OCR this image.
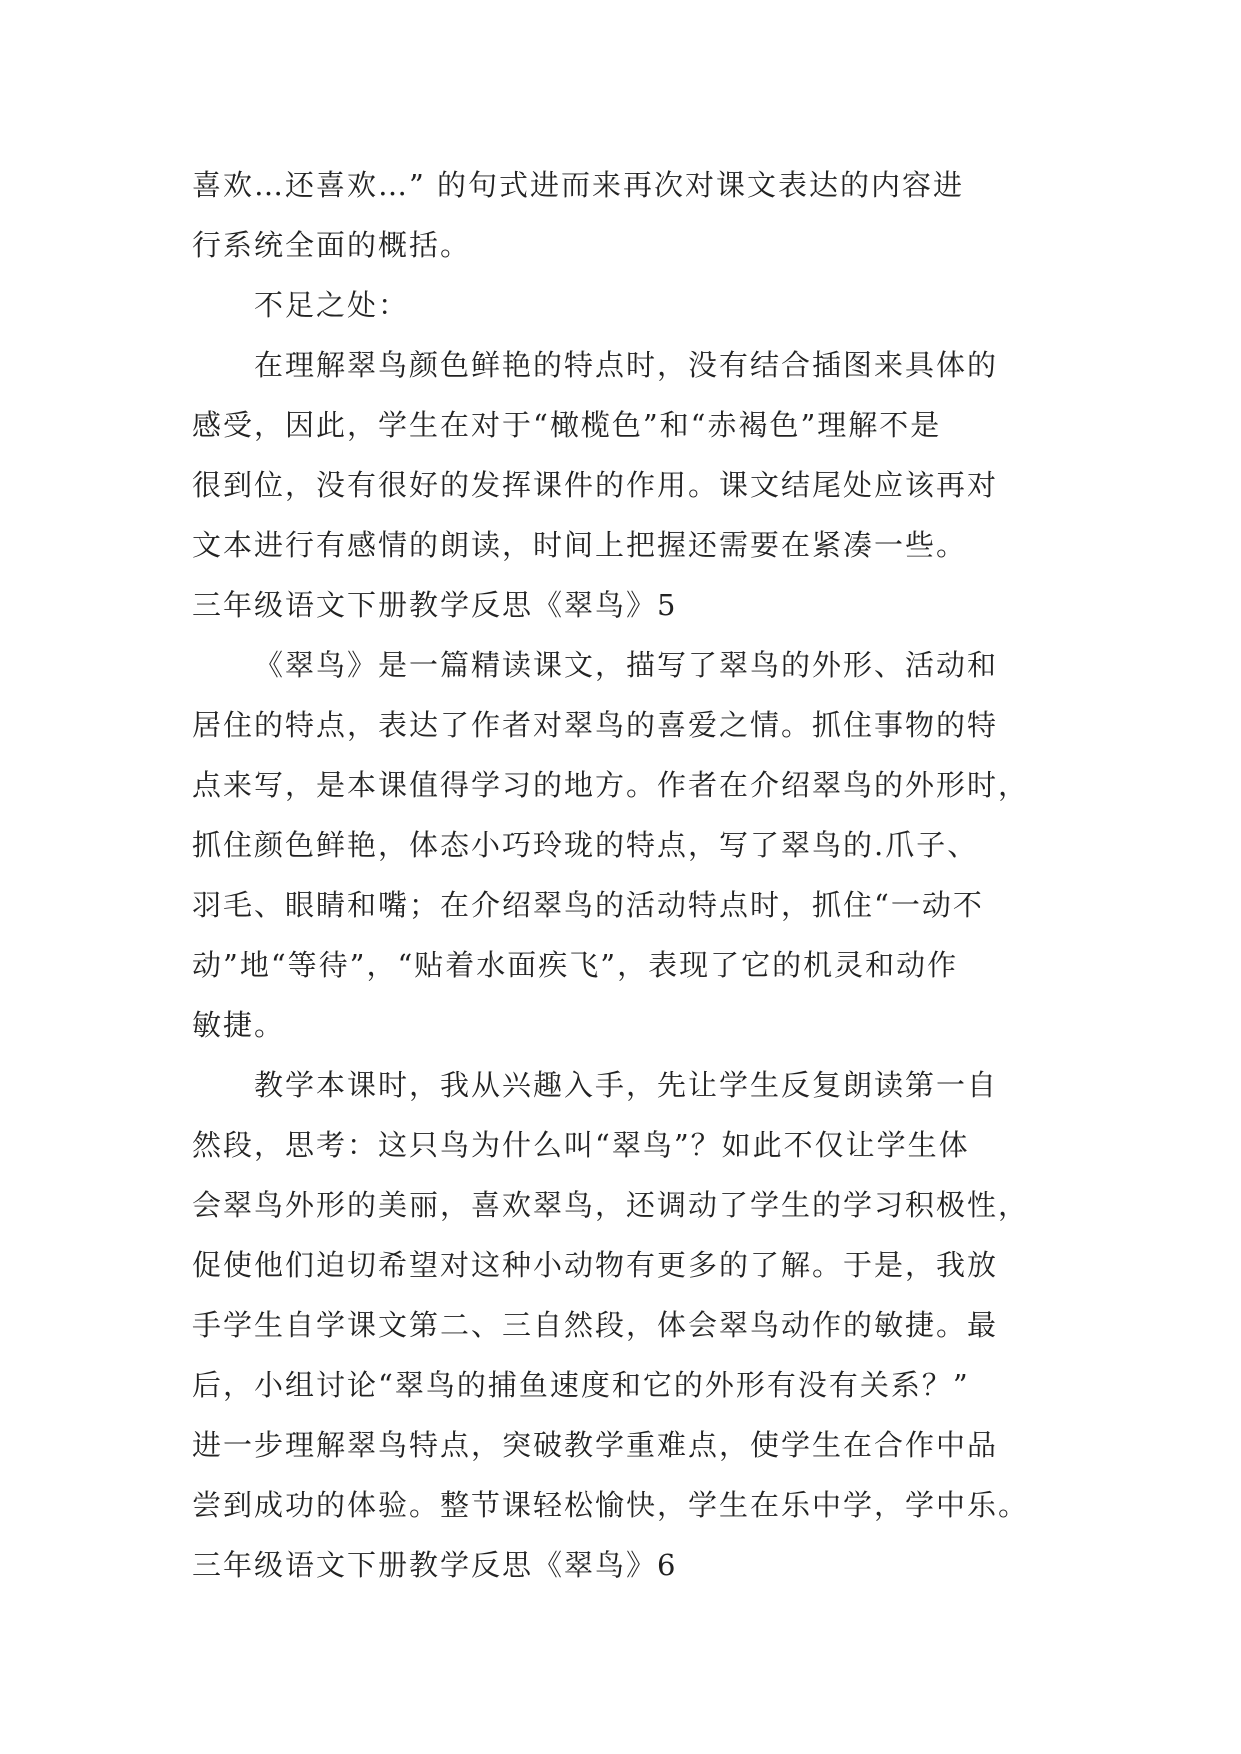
喜欢…还喜欢…” 的句式进而来再次对课文表达的内容进
行系统全面的概括。
不足之处：
在理解翠鸟颜色鲜艳的特点时，没有结合插图来具体的
感受，因此，学生在对于“橄榄色”和“赤褐色”理解不是
很到位，没有很好的发挥课件的作用。课文结尾处应该再对
文本进行有感情的朗读，时间上把握还需要在紧凑一些。
三年级语文下册教学反思《翠鸟》5
《翠鸟》是一篇精读课文，描写了翠鸟的外形、活动和
居住的特点，表达了作者对翠鸟的喜爱之情。抓住事物的特
点来写，是本课值得学习的地方。作者在介绍翠鸟的外形时，
抓住颜色鲜艳，体态小巧玲珑的特点，写了翠鸟的.爪子、
羽毛、眼睛和嘴；在介绍翠鸟的活动特点时，抓住“一动不
动”地“等待”，“贴着水面疾飞”，表现了它的机灵和动作
敏捷。
教学本课时，我从兴趣入手，先让学生反复朗读第一自
然段，思考：这只鸟为什么叫“翠鸟”？如此不仅让学生体
会翠鸟外形的美丽，喜欢翠鸟，还调动了学生的学习积极性，
促使他们迫切希望对这种小动物有更多的了解。于是，我放
手学生自学课文第二、三自然段，体会翠鸟动作的敏捷。最
后，小组讨论“翠鸟的捕鱼速度和它的外形有没有关系？”
进一步理解翠鸟特点，突破教学重难点，使学生在合作中品
尝到成功的体验。整节课轻松愉快，学生在乐中学，学中乐。
三年级语文下册教学反思《翠鸟》6
